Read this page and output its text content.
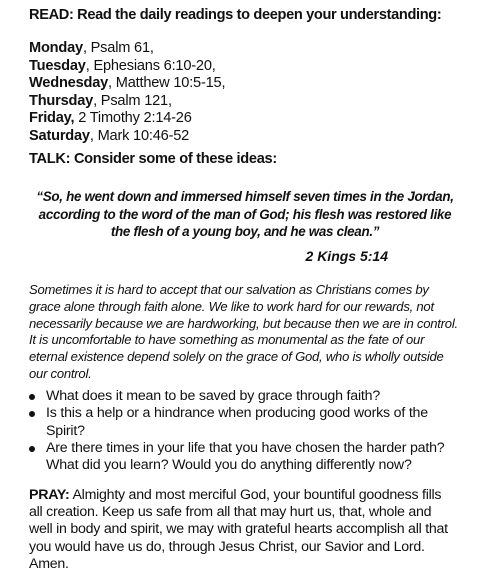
READ: Read the daily readings to deepen your understanding:
Monday, Psalm 61,
Tuesday, Ephesians 6:10-20,
Wednesday, Matthew 10:5-15,
Thursday, Psalm 121,
Friday, 2 Timothy 2:14-26
Saturday, Mark 10:46-52
TALK: Consider some of these ideas:

“So, he went down and immersed himself seven times in the Jordan, according to the word of the man of God; his flesh was restored like the flesh of a young boy, and he was clean.”

2 Kings 5:14

Sometimes it is hard to accept that our salvation as Christians comes by
grace alone through faith alone. We like to work hard for our rewards, not
necessarily because we are hardworking, but because then we are in control.
It is uncomfortable to have something as monumental as the fate of our
eternal existence depend solely on the grace of God, who is wholly outside
our control.

What does it mean to be saved by grace through faith?
Is this a help or a hindrance when producing good works of the
Spirit?
Are there times in your life that you have chosen the harder path?
What did you learn? Would you do anything differently now?

PRAY: Almighty and most merciful God, your bountiful goodness fills
all creation. Keep us safe from all that may hurt us, that, whole and
well in body and spirit, we may with grateful hearts accomplish all that
you would have us do, through Jesus Christ, our Savior and Lord.
Amen.
